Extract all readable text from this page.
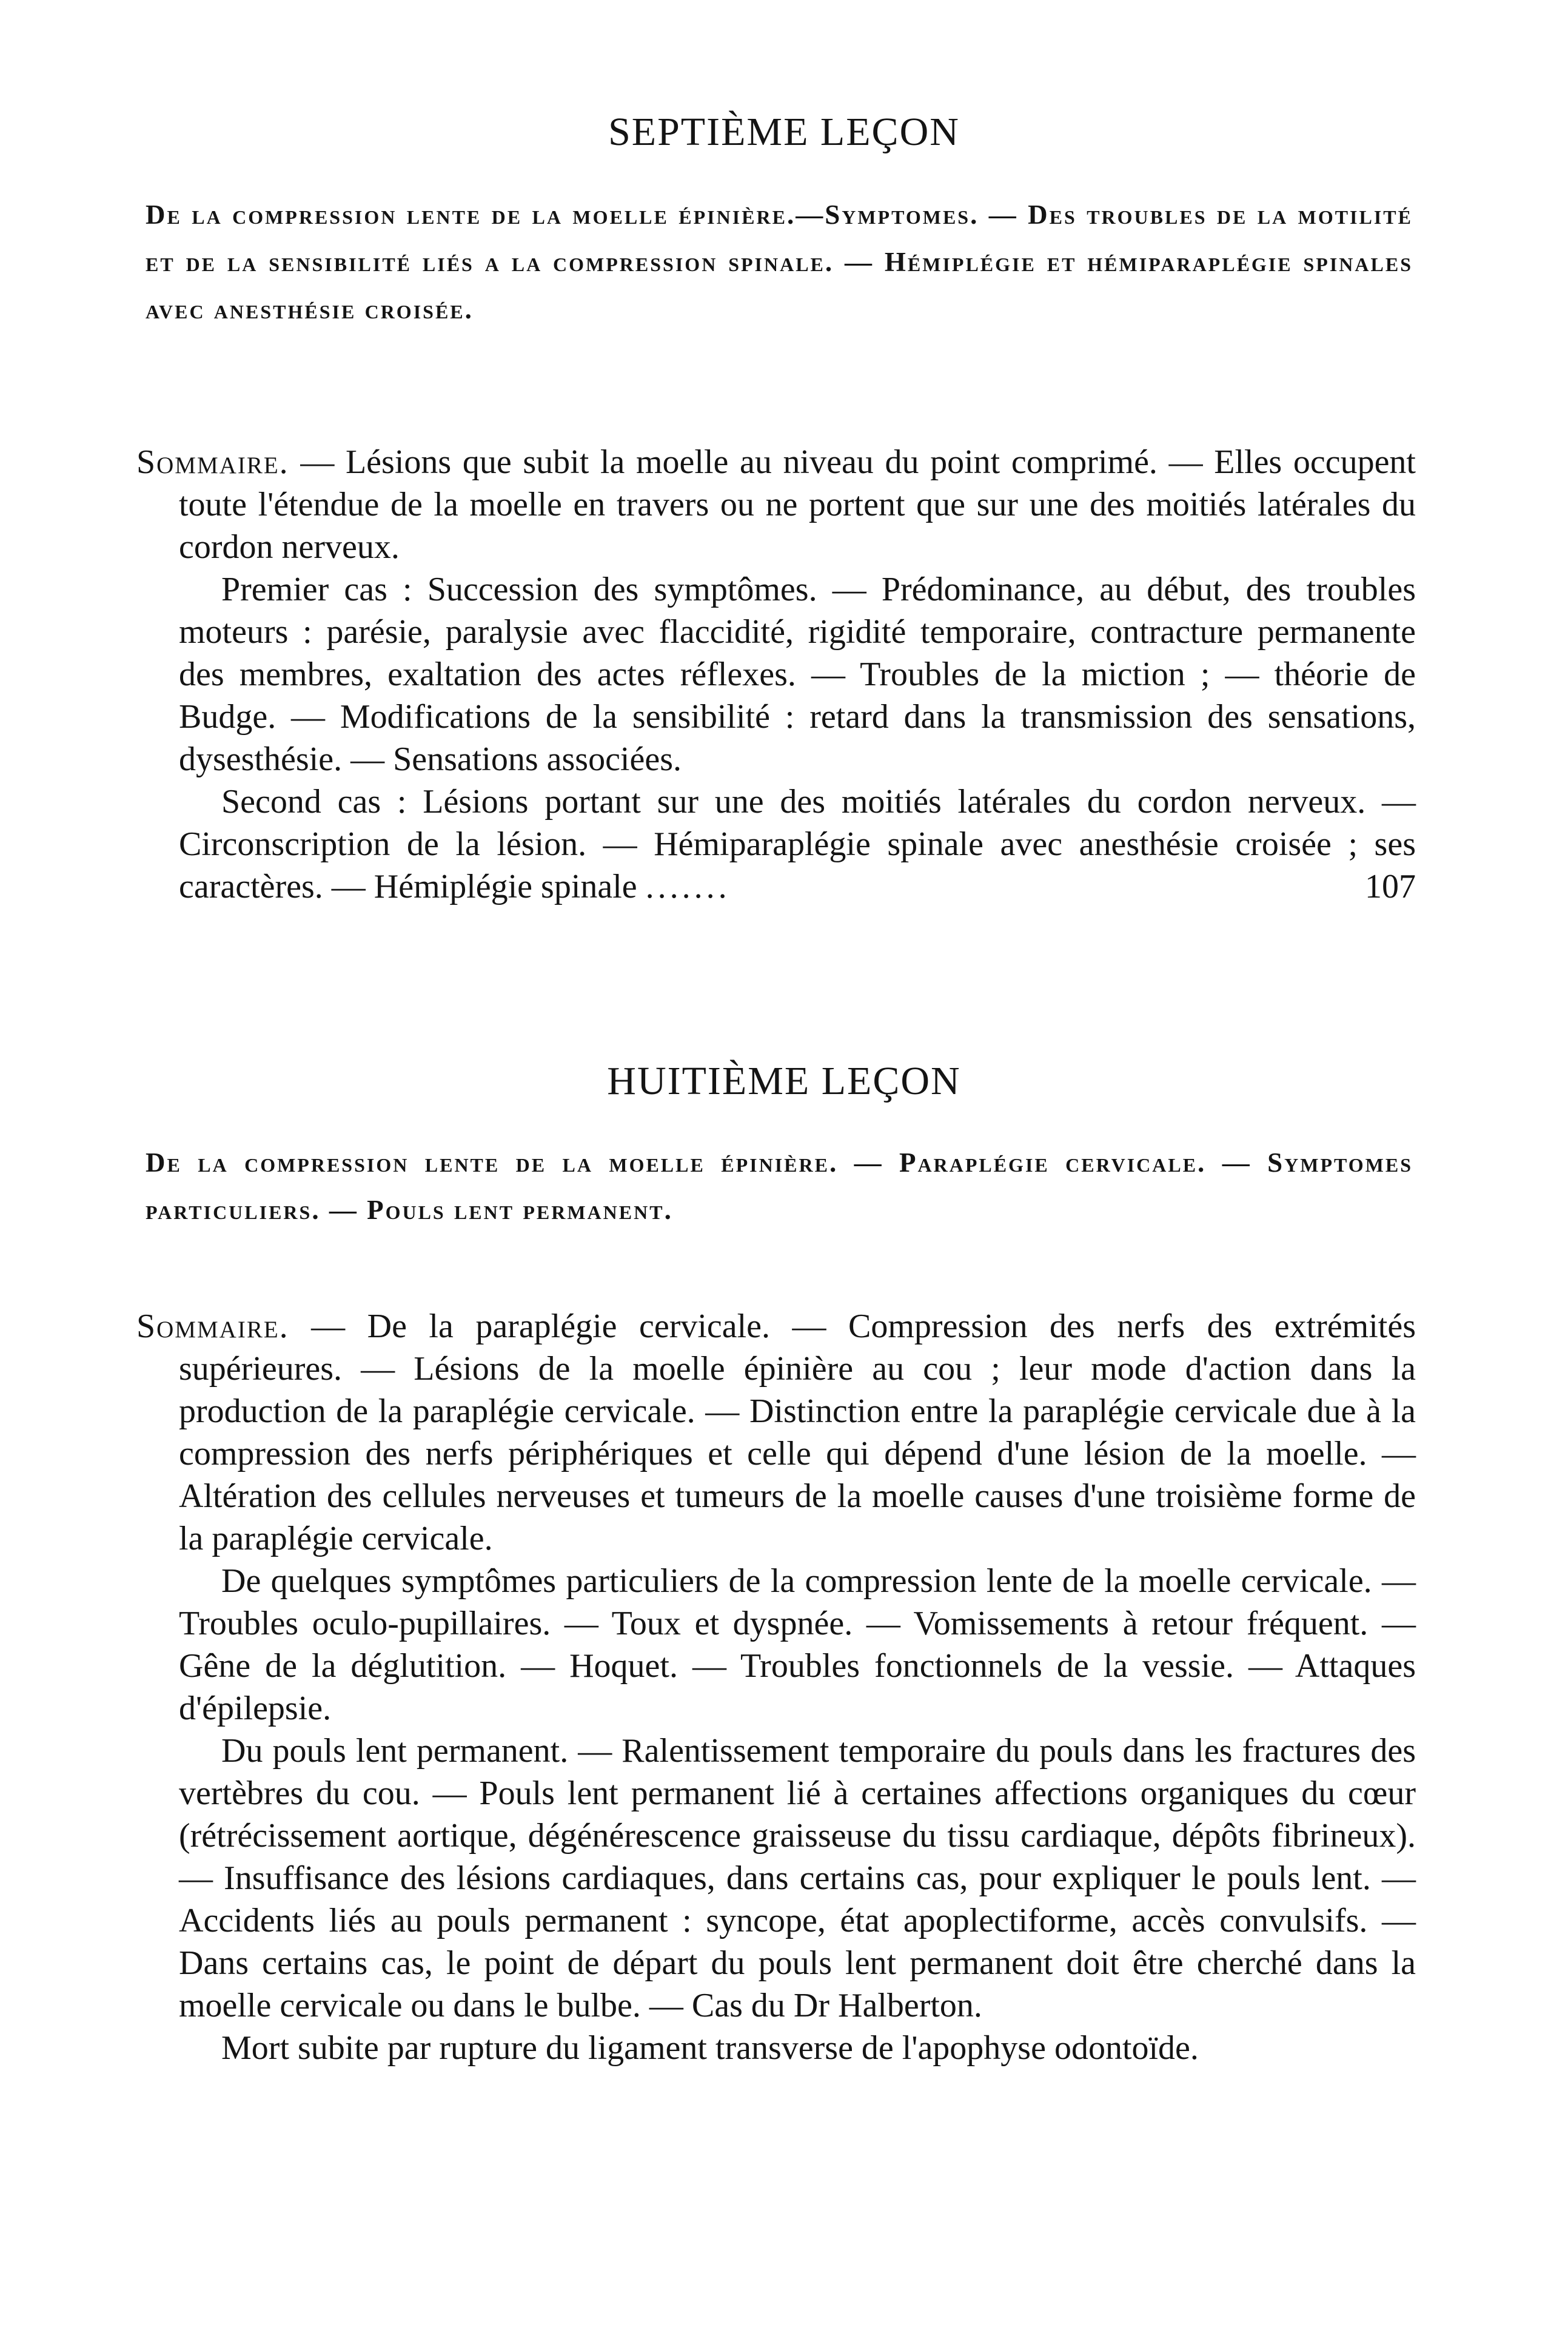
SEPTIÈME LEÇON
De la compression lente de la moelle épinière.—Symptomes. — Des troubles de la motilité et de la sensibilité liés a la compression spinale. — Hémiplégie et hémiparaplégie spinales avec anesthésie croisée.

Sommaire. — Lésions que subit la moelle au niveau du point comprimé. — Elles occupent toute l'étendue de la moelle en travers ou ne portent que sur une des moitiés latérales du cordon nerveux.

Premier cas : Succession des symptômes. — Prédominance, au début, des troubles moteurs : parésie, paralysie avec flaccidité, rigidité temporaire, contracture permanente des membres, exaltation des actes réflexes. — Troubles de la miction ; — théorie de Budge. — Modifications de la sensibilité : retard dans la transmission des sensations, dysesthésie. — Sensations associées.

Second cas : Lésions portant sur une des moitiés latérales du cordon nerveux. — Circonscription de la lésion. — Hémiparaplégie spinale avec anesthésie croisée ; ses caractères. — Hémiplégie spinale .......	107

HUITIÈME LEÇON
De la compression lente de la moelle épinière. — Paraplégie cervicale. — Symptomes particuliers. — Pouls lent permanent.

Sommaire. — De la paraplégie cervicale. — Compression des nerfs des extrémités supérieures. — Lésions de la moelle épinière au cou ; leur mode d'action dans la production de la paraplégie cervicale. — Distinction entre la paraplégie cervicale due à la compression des nerfs périphériques et celle qui dépend d'une lésion de la moelle. — Altération des cellules nerveuses et tumeurs de la moelle causes d'une troisième forme de la paraplégie cervicale.

De quelques symptômes particuliers de la compression lente de la moelle cervicale. — Troubles oculo-pupillaires. — Toux et dyspnée. — Vomissements à retour fréquent. — Gêne de la déglutition. — Hoquet. — Troubles fonctionnels de la vessie. — Attaques d'épilepsie.

Du pouls lent permanent. — Ralentissement temporaire du pouls dans les fractures des vertèbres du cou. — Pouls lent permanent lié à certaines affections organiques du cœur (rétrécissement aortique, dégénérescence graisseuse du tissu cardiaque, dépôts fibrineux). — Insuffisance des lésions cardiaques, dans certains cas, pour expliquer le pouls lent. — Accidents liés au pouls permanent : syncope, état apoplectiforme, accès convulsifs. — Dans certains cas, le point de départ du pouls lent permanent doit être cherché dans la moelle cervicale ou dans le bulbe. — Cas du Dr Halberton.

Mort subite par rupture du ligament transverse de l'apophyse odontoïde.
